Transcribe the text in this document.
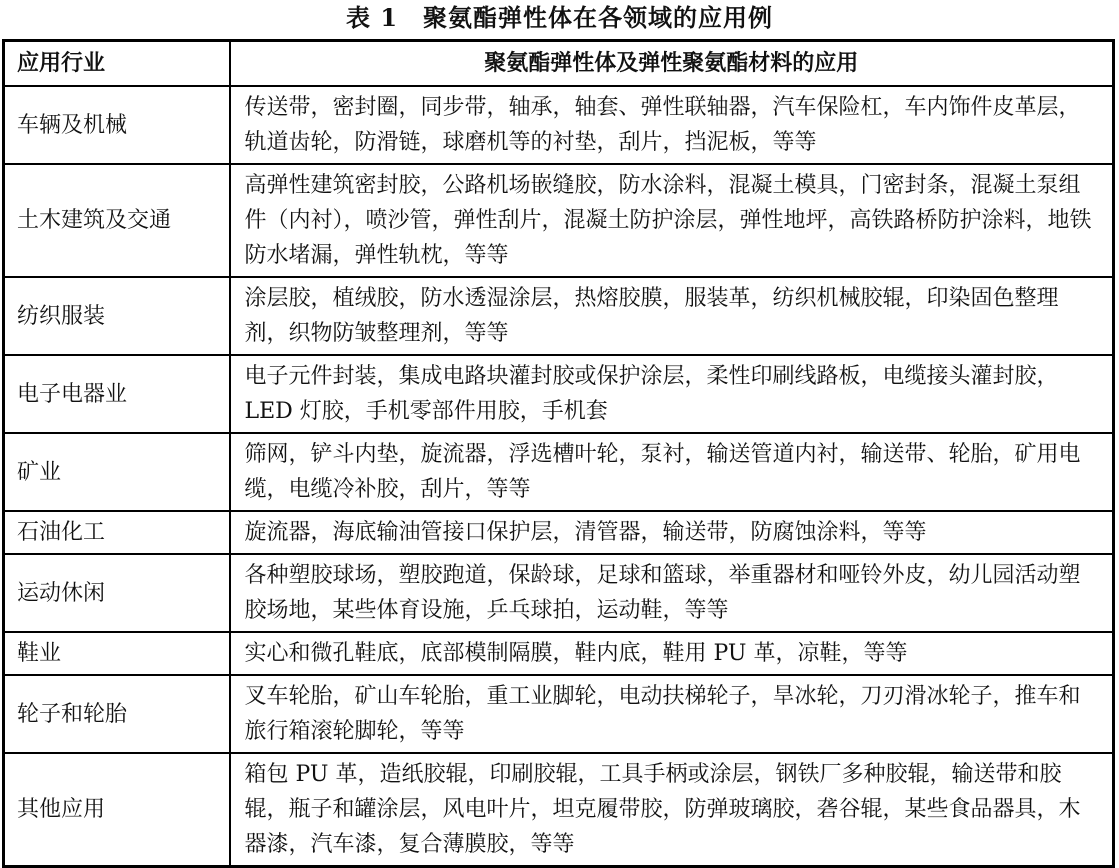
表 1　聚氨酯弹性体在各领域的应用例
应用行业	聚氨酯弹性体及弹性聚氨酯材料的应用
车辆及机械	传送带，密封圈，同步带，轴承，轴套、弹性联轴器，汽车保险杠，车内饰件皮革层，轨道齿轮，防滑链，球磨机等的衬垫，刮片，挡泥板，等等
土木建筑及交通	高弹性建筑密封胶，公路机场嵌缝胶，防水涂料，混凝土模具，门密封条，混凝土泵组件（内衬），喷沙管，弹性刮片，混凝土防护涂层，弹性地坪，高铁路桥防护涂料，地铁防水堵漏，弹性轨枕，等等
纺织服装	涂层胶，植绒胶，防水透湿涂层，热熔胶膜，服装革，纺织机械胶辊，印染固色整理剂，织物防皱整理剂，等等
电子电器业	电子元件封装，集成电路块灌封胶或保护涂层，柔性印刷线路板，电缆接头灌封胶，LED 灯胶，手机零部件用胶，手机套
矿业	筛网，铲斗内垫，旋流器，浮选槽叶轮，泵衬，输送管道内衬，输送带、轮胎，矿用电缆，电缆冷补胶，刮片，等等
石油化工	旋流器，海底输油管接口保护层，清管器，输送带，防腐蚀涂料，等等
运动休闲	各种塑胶球场，塑胶跑道，保龄球，足球和篮球，举重器材和哑铃外皮，幼儿园活动塑胶场地，某些体育设施，乒乓球拍，运动鞋，等等
鞋业	实心和微孔鞋底，底部模制隔膜，鞋内底，鞋用 PU 革，凉鞋，等等
轮子和轮胎	叉车轮胎，矿山车轮胎，重工业脚轮，电动扶梯轮子，旱冰轮，刀刃滑冰轮子，推车和旅行箱滚轮脚轮，等等
其他应用	箱包 PU 革，造纸胶辊，印刷胶辊，工具手柄或涂层，钢铁厂多种胶辊，输送带和胶辊，瓶子和罐涂层，风电叶片，坦克履带胶，防弹玻璃胶，砻谷辊，某些食品器具，木器漆，汽车漆，复合薄膜胶，等等
